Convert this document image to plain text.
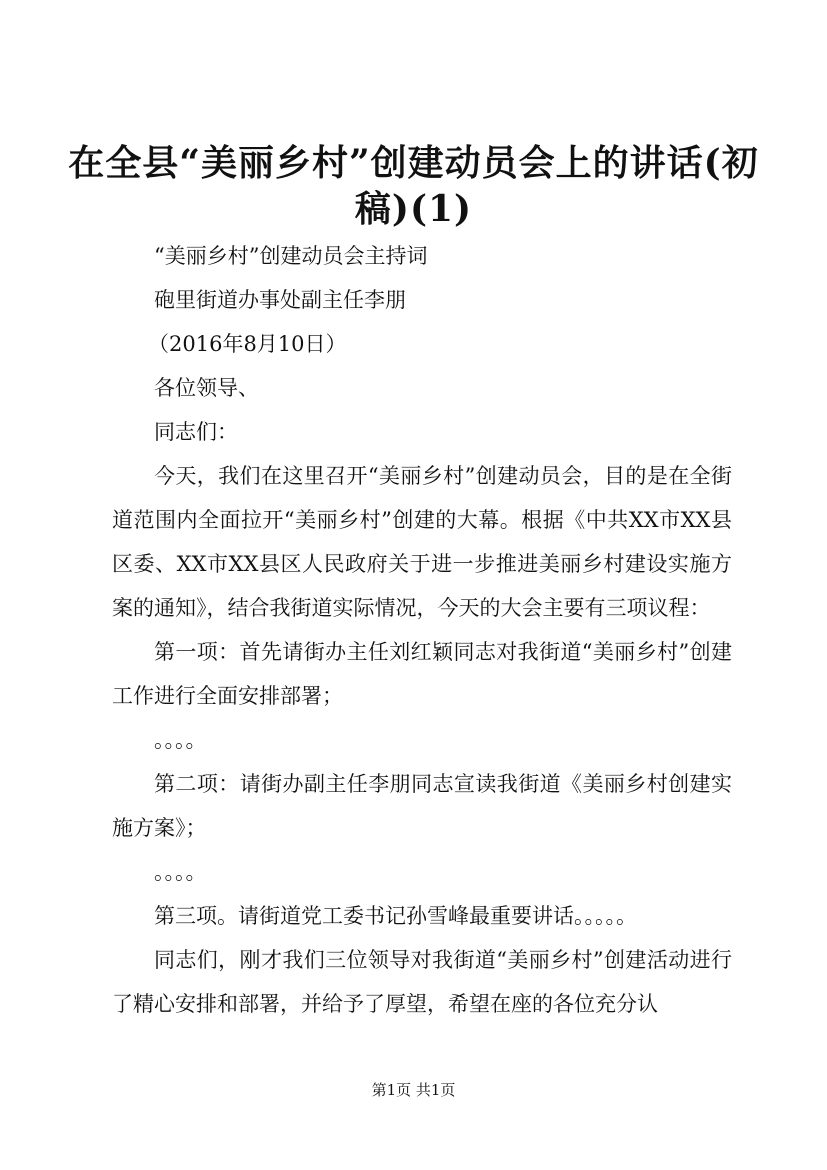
在全县“美丽乡村”创建动员会上的讲话(初稿)(1)

“美丽乡村”创建动员会主持词

砲里街道办事处副主任李朋

（2016年8月10日）

各位领导、

同志们：

今天，我们在这里召开“美丽乡村”创建动员会，目的是在全街道范围内全面拉开“美丽乡村”创建的大幕。根据《中共XX市XX县区委、XX市XX县区人民政府关于进一步推进美丽乡村建设实施方案的通知》，结合我街道实际情况，今天的大会主要有三项议程：

第一项：首先请街办主任刘红颖同志对我街道“美丽乡村”创建工作进行全面安排部署；

。。。。

第二项：请街办副主任李朋同志宣读我街道《美丽乡村创建实施方案》；

。。。。

第三项。请街道党工委书记孙雪峰最重要讲话。。。。。

同志们，刚才我们三位领导对我街道“美丽乡村”创建活动进行了精心安排和部署，并给予了厚望，希望在座的各位充分认

第1页 共1页
